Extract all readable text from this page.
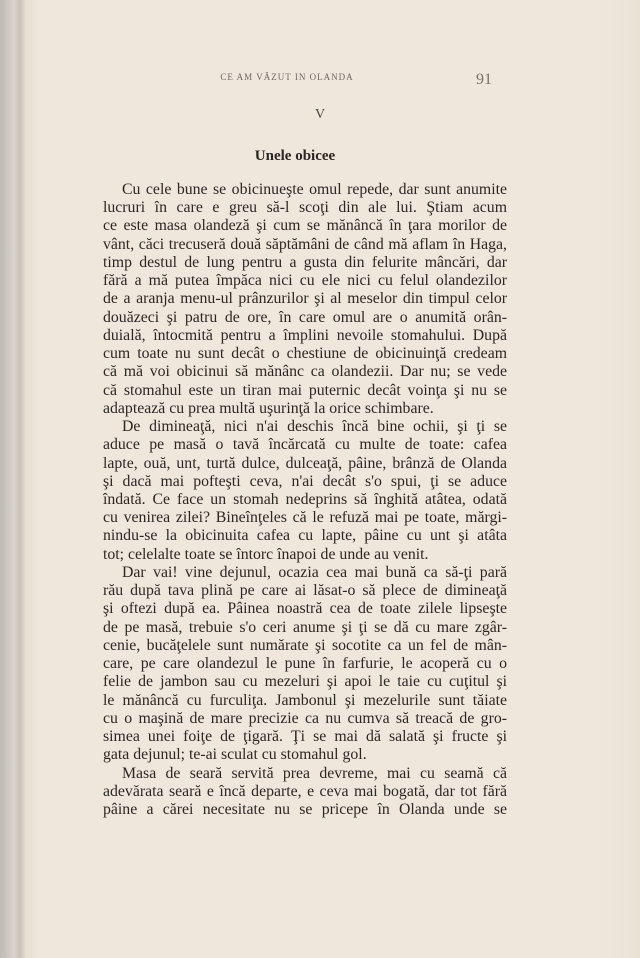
CE AM VĂZUT IN OLANDA	91
V
Unele obicee
Cu cele bune se obicinueşte omul repede, dar sunt anumite
lucruri în care e greu să-l scoţi din ale lui. Ştiam acum
ce este masa olandeză şi cum se mănâncă în ţara morilor de
vânt, căci trecuseră două săptămâni de când mă aflam în Haga,
timp destul de lung pentru a gusta din felurite mâncări, dar
fără a mă putea împăca nici cu ele nici cu felul olandezilor
de a aranja menu-ul prânzurilor şi al meselor din timpul celor
douăzeci şi patru de ore, în care omul are o anumită orân-
duială, întocmită pentru a împlini nevoile stomahului. După
cum toate nu sunt decât o chestiune de obicinuinţă credeam
că mă voi obicinui să mănânc ca olandezii. Dar nu; se vede
că stomahul este un tiran mai puternic decât voinţa şi nu se
adaptează cu prea multă uşurinţă la orice schimbare.
De dimineaţă, nici n'ai deschis încă bine ochii, şi ţi se
aduce pe masă o tavă încărcată cu multe de toate: cafea
lapte, ouă, unt, turtă dulce, dulceaţă, pâine, brânză de Olanda
şi dacă mai pofteşti ceva, n'ai decât s'o spui, ţi se aduce
îndată. Ce face un stomah nedeprins să înghită atâtea, odată
cu venirea zilei? Bineînţeles că le refuză mai pe toate, mărgi-
nindu-se la obicinuita cafea cu lapte, pâine cu unt şi atâta
tot; celelalte toate se întorc înapoi de unde au venit.
Dar vai! vine dejunul, ocazia cea mai bună ca să-ţi pară
rău după tava plină pe care ai lăsat-o să plece de dimineaţă
şi oftezi după ea. Pâinea noastră cea de toate zilele lipseşte
de pe masă, trebuie s'o ceri anume şi ţi se dă cu mare zgâr-
cenie, bucăţelele sunt numărate şi socotite ca un fel de mân-
care, pe care olandezul le pune în farfurie, le acoperă cu o
felie de jambon sau cu mezeluri şi apoi le taie cu cuţitul şi
le mănâncă cu furculiţa. Jambonul şi mezelurile sunt tăiate
cu o maşină de mare precizie ca nu cumva să treacă de gro-
simea unei foiţe de ţigară. Ţi se mai dă salată şi fructe şi
gata dejunul; te-ai sculat cu stomahul gol.
Masa de seară servită prea devreme, mai cu seamă că
adevărata seară e încă departe, e ceva mai bogată, dar tot fără
pâine a cărei necesitate nu se pricepe în Olanda unde se
